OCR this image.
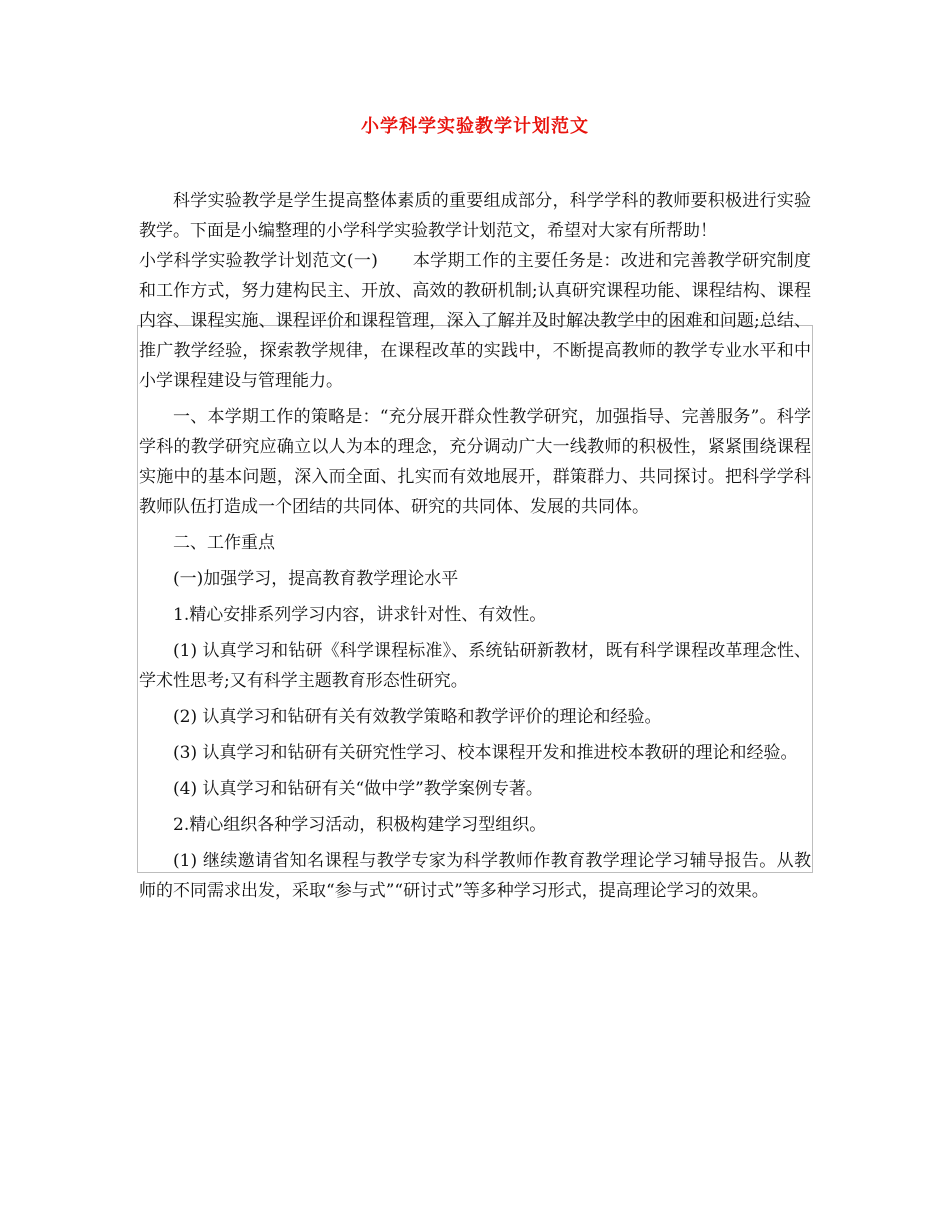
小学科学实验教学计划范文

科学实验教学是学生提高整体素质的重要组成部分，科学学科的教师要积极进行实验教学。下面是小编整理的小学科学实验教学计划范文，希望对大家有所帮助！

小学科学实验教学计划范文(一)　　本学期工作的主要任务是：改进和完善教学研究制度和工作方式，努力建构民主、开放、高效的教研机制;认真研究课程功能、课程结构、课程内容、课程实施、课程评价和课程管理，深入了解并及时解决教学中的困难和问题;总结、推广教学经验，探索教学规律，在课程改革的实践中，不断提高教师的教学专业水平和中小学课程建设与管理能力。

一、本学期工作的策略是：“充分展开群众性教学研究，加强指导、完善服务”。科学学科的教学研究应确立以人为本的理念，充分调动广大一线教师的积极性，紧紧围绕课程实施中的基本问题，深入而全面、扎实而有效地展开，群策群力、共同探讨。把科学学科教师队伍打造成一个团结的共同体、研究的共同体、发展的共同体。

二、工作重点

(一)加强学习，提高教育教学理论水平

1.精心安排系列学习内容，讲求针对性、有效性。

(1) 认真学习和钻研《科学课程标准》、系统钻研新教材，既有科学课程改革理念性、学术性思考;又有科学主题教育形态性研究。

(2) 认真学习和钻研有关有效教学策略和教学评价的理论和经验。

(3) 认真学习和钻研有关研究性学习、校本课程开发和推进校本教研的理论和经验。

(4) 认真学习和钻研有关“做中学”教学案例专著。

2.精心组织各种学习活动，积极构建学习型组织。

(1) 继续邀请省知名课程与教学专家为科学教师作教育教学理论学习辅导报告。从教师的不同需求出发，采取“参与式”“研讨式”等多种学习形式，提高理论学习的效果。
